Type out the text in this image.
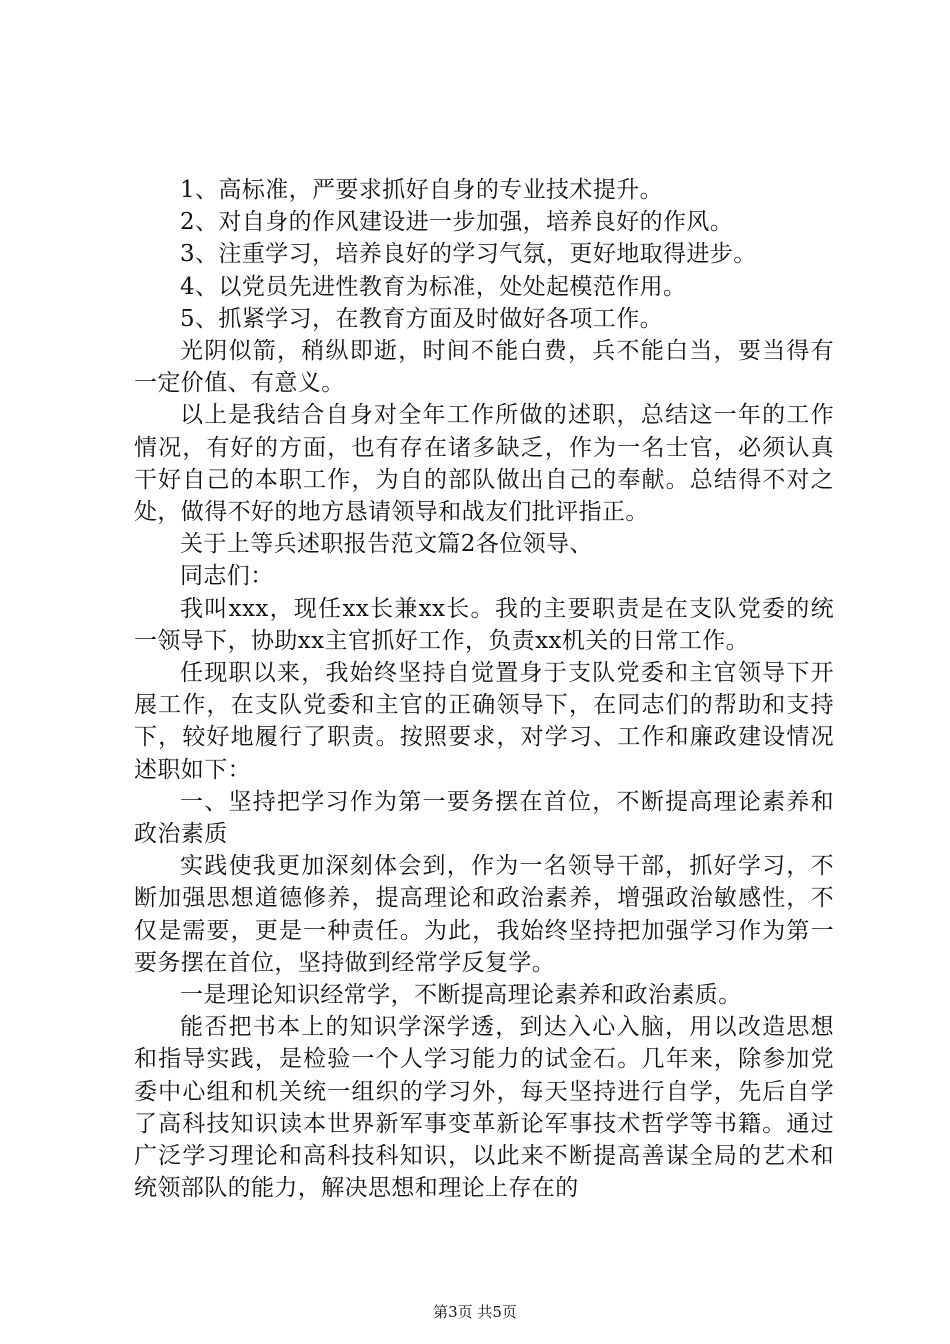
1、高标准，严要求抓好自身的专业技术提升。

2、对自身的作风建设进一步加强，培养良好的作风。

3、注重学习，培养良好的学习气氛，更好地取得进步。

4、以党员先进性教育为标准，处处起模范作用。

5、抓紧学习，在教育方面及时做好各项工作。

光阴似箭，稍纵即逝，时间不能白费，兵不能白当，要当得有一定价值、有意义。

以上是我结合自身对全年工作所做的述职，总结这一年的工作情况，有好的方面，也有存在诸多缺乏，作为一名士官，必须认真干好自己的本职工作，为自的部队做出自己的奉献。总结得不对之处，做得不好的地方恳请领导和战友们批评指正。

关于上等兵述职报告范文篇2各位领导、

同志们：

我叫xxx，现任xx长兼xx长。我的主要职责是在支队党委的统一领导下，协助xx主官抓好工作，负责xx机关的日常工作。

任现职以来，我始终坚持自觉置身于支队党委和主官领导下开展工作，在支队党委和主官的正确领导下，在同志们的帮助和支持下，较好地履行了职责。按照要求，对学习、工作和廉政建设情况述职如下：

一、坚持把学习作为第一要务摆在首位，不断提高理论素养和政治素质

实践使我更加深刻体会到，作为一名领导干部，抓好学习，不断加强思想道德修养，提高理论和政治素养，增强政治敏感性，不仅是需要，更是一种责任。为此，我始终坚持把加强学习作为第一要务摆在首位，坚持做到经常学反复学。

一是理论知识经常学，不断提高理论素养和政治素质。

能否把书本上的知识学深学透，到达入心入脑，用以改造思想和指导实践，是检验一个人学习能力的试金石。几年来，除参加党委中心组和机关统一组织的学习外，每天坚持进行自学，先后自学了高科技知识读本世界新军事变革新论军事技术哲学等书籍。通过广泛学习理论和高科技科知识，以此来不断提高善谋全局的艺术和统领部队的能力，解决思想和理论上存在的

第3页 共5页
